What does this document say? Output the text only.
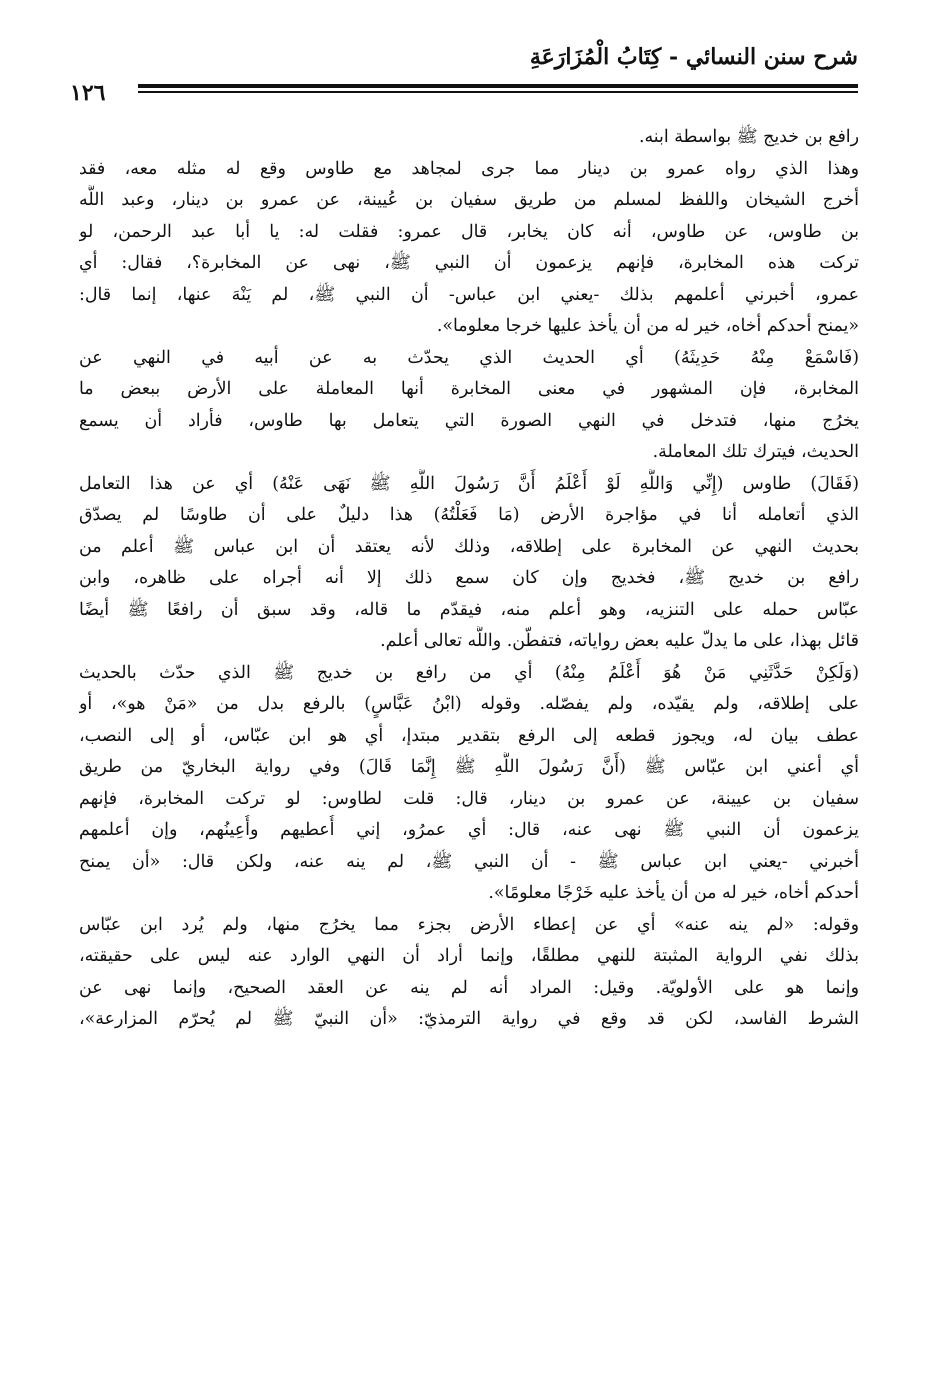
شرح سنن النسائي - كِتَابُ الْمُزَارَعَةِ
١٢٦
رافع بن خديج ﷺ بواسطة ابنه.
وهذا الذي رواه عمرو بن دينار مما جرى لمجاهد مع طاوس وقع له مثله معه، فقد
أخرج الشيخان واللفظ لمسلم من طريق سفيان بن عُيينة، عن عمرو بن دينار، وعبد اللَّه
بن طاوس، عن طاوس، أنه كان يخابر، قال عمرو: فقلت له: يا أبا عبد الرحمن، لو
تركت هذه المخابرة، فإنهم يزعمون أن النبي ﷺ، نهى عن المخابرة؟، فقال: أي
عمرو، أخبرني أعلمهم بذلك -يعني ابن عباس- أن النبي ﷺ، لم يَنْهَ عنها، إنما قال:
«يمنح أحدكم أخاه، خير له من أن يأخذ عليها خرجا معلوما».
(فَاسْمَعْ مِنْهُ حَدِيثَهُ) أي الحديث الذي يحدّث به عن أبيه في النهي عن
المخابرة، فإن المشهور في معنى المخابرة أنها المعاملة على الأرض ببعض ما
يخرُج منها، فتدخل في النهي الصورة التي يتعامل بها طاوس، فأراد أن يسمع
الحديث، فيترك تلك المعاملة.
(فَقَالَ) طاوس (إِنِّي وَاللَّهِ لَوْ أَعْلَمُ أَنَّ رَسُولَ اللَّهِ ﷺ نَهَى عَنْهُ) أي عن هذا التعامل
الذي أتعامله أنا في مؤاجرة الأرض (مَا فَعَلْتُهُ) هذا دليلٌ على أن طاوسًا لم يصدّق
بحديث النهي عن المخابرة على إطلاقه، وذلك لأنه يعتقد أن ابن عباس ﷺ أعلم من
رافع بن خديج ﷺ، فخديج وإن كان سمع ذلك إلا أنه أجراه على ظاهره، وابن
عبّاس حمله على التنزيه، وهو أعلم منه، فيقدّم ما قاله، وقد سبق أن رافعًا ﷺ أيضًا
قائل بهذا، على ما يدلّ عليه بعض رواياته، فتفطّن. واللَّه تعالى أعلم.
(وَلَكِنْ حَدَّثَنِي مَنْ هُوَ أَعْلَمُ مِنْهُ) أي من رافع بن خديج ﷺ الذي حدّث بالحديث
على إطلاقه، ولم يقيّده، ولم يفصّله. وقوله (ابْنُ عَبَّاسٍ) بالرفع بدل من «مَنْ هو»، أو
عطف بيان له، ويجوز قطعه إلى الرفع بتقدير مبتدإ، أي هو ابن عبّاس، أو إلى النصب،
أي أعني ابن عبّاس ﷺ (أَنَّ رَسُولَ اللَّهِ ﷺ إِنَّمَا قَالَ) وفي رواية البخاريّ من طريق
سفيان بن عيينة، عن عمرو بن دينار، قال: قلت لطاوس: لو تركت المخابرة، فإنهم
يزعمون أن النبي ﷺ نهى عنه، قال: أي عمرُو، إني أُعطيهم وأُعِينُهم، وإن أعلمهم
أخبرني -يعني ابن عباس ﷺ - أن النبي ﷺ، لم ينه عنه، ولكن قال: «أن يمنح
أحدكم أخاه، خير له من أن يأخذ عليه خَرْجًا معلومًا».
وقوله: «لم ينه عنه» أي عن إعطاء الأرض بجزء مما يخرُج منها، ولم يُرد ابن عبّاس
بذلك نفي الرواية المثبتة للنهي مطلقًا، وإنما أراد أن النهي الوارد عنه ليس على حقيقته،
وإنما هو على الأولويّة. وقيل: المراد أنه لم ينه عن العقد الصحيح، وإنما نهى عن
الشرط الفاسد، لكن قد وقع في رواية الترمذيّ: «أن النبيّ ﷺ لم يُحرّم المزارعة»،
